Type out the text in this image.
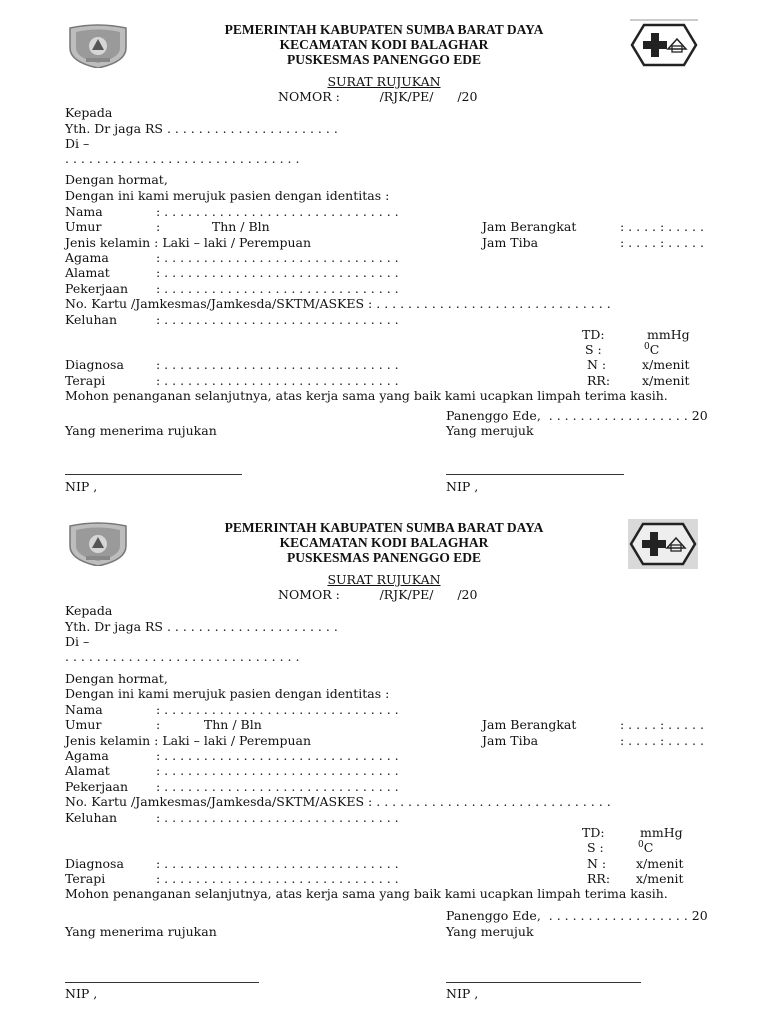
PEMERINTAH KABUPATEN SUMBA BARAT DAYA
KECAMATAN KODI BALAGHAR
PUSKESMAS PANENGGO EDE
SURAT RUJUKAN
NOMOR :          /RJK/PE/      /20
Kepada
Yth. Dr jaga RS . . . . . . . . . . . . . . . . . . . . . .
Di –
. . . . . . . . . . . . . . . . . . . . . . . . . . . . . .
Dengan hormat,
Dengan ini kami merujuk pasien dengan identitas :
Nama	: . . . . . . . . . . . . . . . . . . . . . . . . . . . . . .
Umur	:             Thn / Bln	Jam Berangkat	: . . . . : . . . . .
Jenis kelamin : Laki – laki / Perempuan	Jam Tiba	: . . . . : . . . . .
Agama	: . . . . . . . . . . . . . . . . . . . . . . . . . . . . . .
Alamat	: . . . . . . . . . . . . . . . . . . . . . . . . . . . . . .
Pekerjaan : . . . . . . . . . . . . . . . . . . . . . . . . . . . . . .
No. Kartu /Jamkesmas/Jamkesda/SKTM/ASKES : . . . . . . . . . . . . . . . . . . . . . . . . . . . . . .
Keluhan	: . . . . . . . . . . . . . . . . . . . . . . . . . . . . . .
TD:	mmHg
S :	$^0$C
Diagnosa	: . . . . . . . . . . . . . . . . . . . . . . . . . . . . . .	N :	x/menit
Terapi	: . . . . . . . . . . . . . . . . . . . . . . . . . . . . . .	RR:	x/menit
Mohon penanganan selanjutnya, atas kerja sama yang baik kami ucapkan limpah terima kasih.
Panenggo Ede,  . . . . . . . . . . . . . . . . . . 20
Yang menerima rujukan	Yang merujuk
NIP ,	NIP ,
PEMERINTAH KABUPATEN SUMBA BARAT DAYA
KECAMATAN KODI BALAGHAR
PUSKESMAS PANENGGO EDE
SURAT RUJUKAN
NOMOR :          /RJK/PE/      /20
Kepada
Yth. Dr jaga RS . . . . . . . . . . . . . . . . . . . . . .
Di –
. . . . . . . . . . . . . . . . . . . . . . . . . . . . . .
Dengan hormat,
Dengan ini kami merujuk pasien dengan identitas :
Nama	: . . . . . . . . . . . . . . . . . . . . . . . . . . . . . .
Umur	:           Thn / Bln	Jam Berangkat	: . . . . : . . . . .
Jenis kelamin : Laki – laki / Perempuan	Jam Tiba	: . . . . : . . . . .
Agama	: . . . . . . . . . . . . . . . . . . . . . . . . . . . . . .
Alamat	: . . . . . . . . . . . . . . . . . . . . . . . . . . . . . .
Pekerjaan : . . . . . . . . . . . . . . . . . . . . . . . . . . . . . .
No. Kartu /Jamkesmas/Jamkesda/SKTM/ASKES : . . . . . . . . . . . . . . . . . . . . . . . . . . . . . .
Keluhan	: . . . . . . . . . . . . . . . . . . . . . . . . . . . . . .
TD:	mmHg
S :	$^0$C
Diagnosa	: . . . . . . . . . . . . . . . . . . . . . . . . . . . . . .	N : x/menit
Terapi	: . . . . . . . . . . . . . . . . . . . . . . . . . . . . . .	RR: x/menit
Mohon penanganan selanjutnya, atas kerja sama yang baik kami ucapkan limpah terima kasih.
Panenggo Ede,  . . . . . . . . . . . . . . . . . . 20
Yang menerima rujukan	Yang merujuk
NIP ,	NIP ,
